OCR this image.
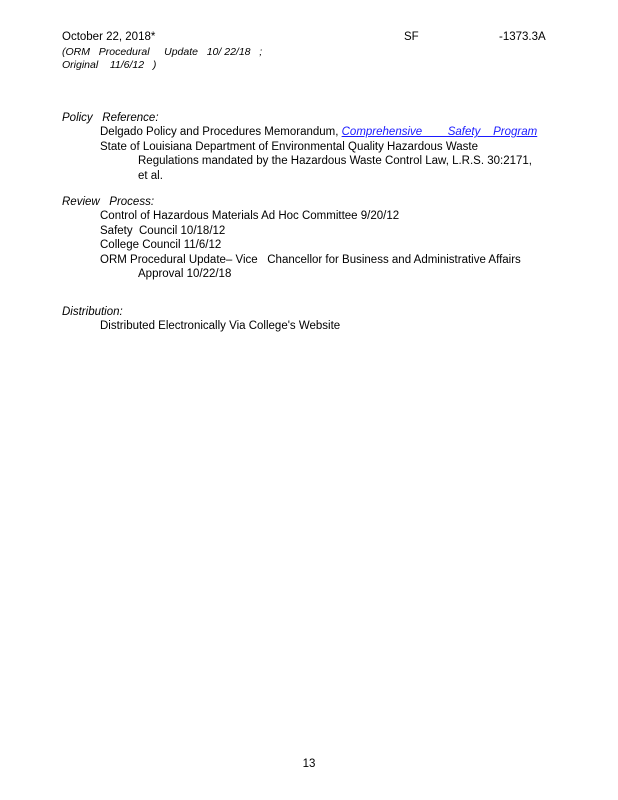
October 22, 2018*	SF	-1373.3A
(ORM   Procedural     Update   10/ 22/18   ;
Original    11/6/12   )
Policy   Reference:
Delgado Policy and Procedures Memorandum, Comprehensive        Safety    Program
State of Louisiana Department of Environmental Quality Hazardous Waste
Regulations mandated by the Hazardous Waste Control Law, L.R.S. 30:2171,
et al.
Review   Process:
Control of Hazardous Materials Ad Hoc Committee 9/20/12
Safety  Council 10/18/12
College Council 11/6/12
ORM Procedural Update– Vice   Chancellor for Business and Administrative Affairs
Approval 10/22/18
Distribution:
Distributed Electronically Via College's Website
13
